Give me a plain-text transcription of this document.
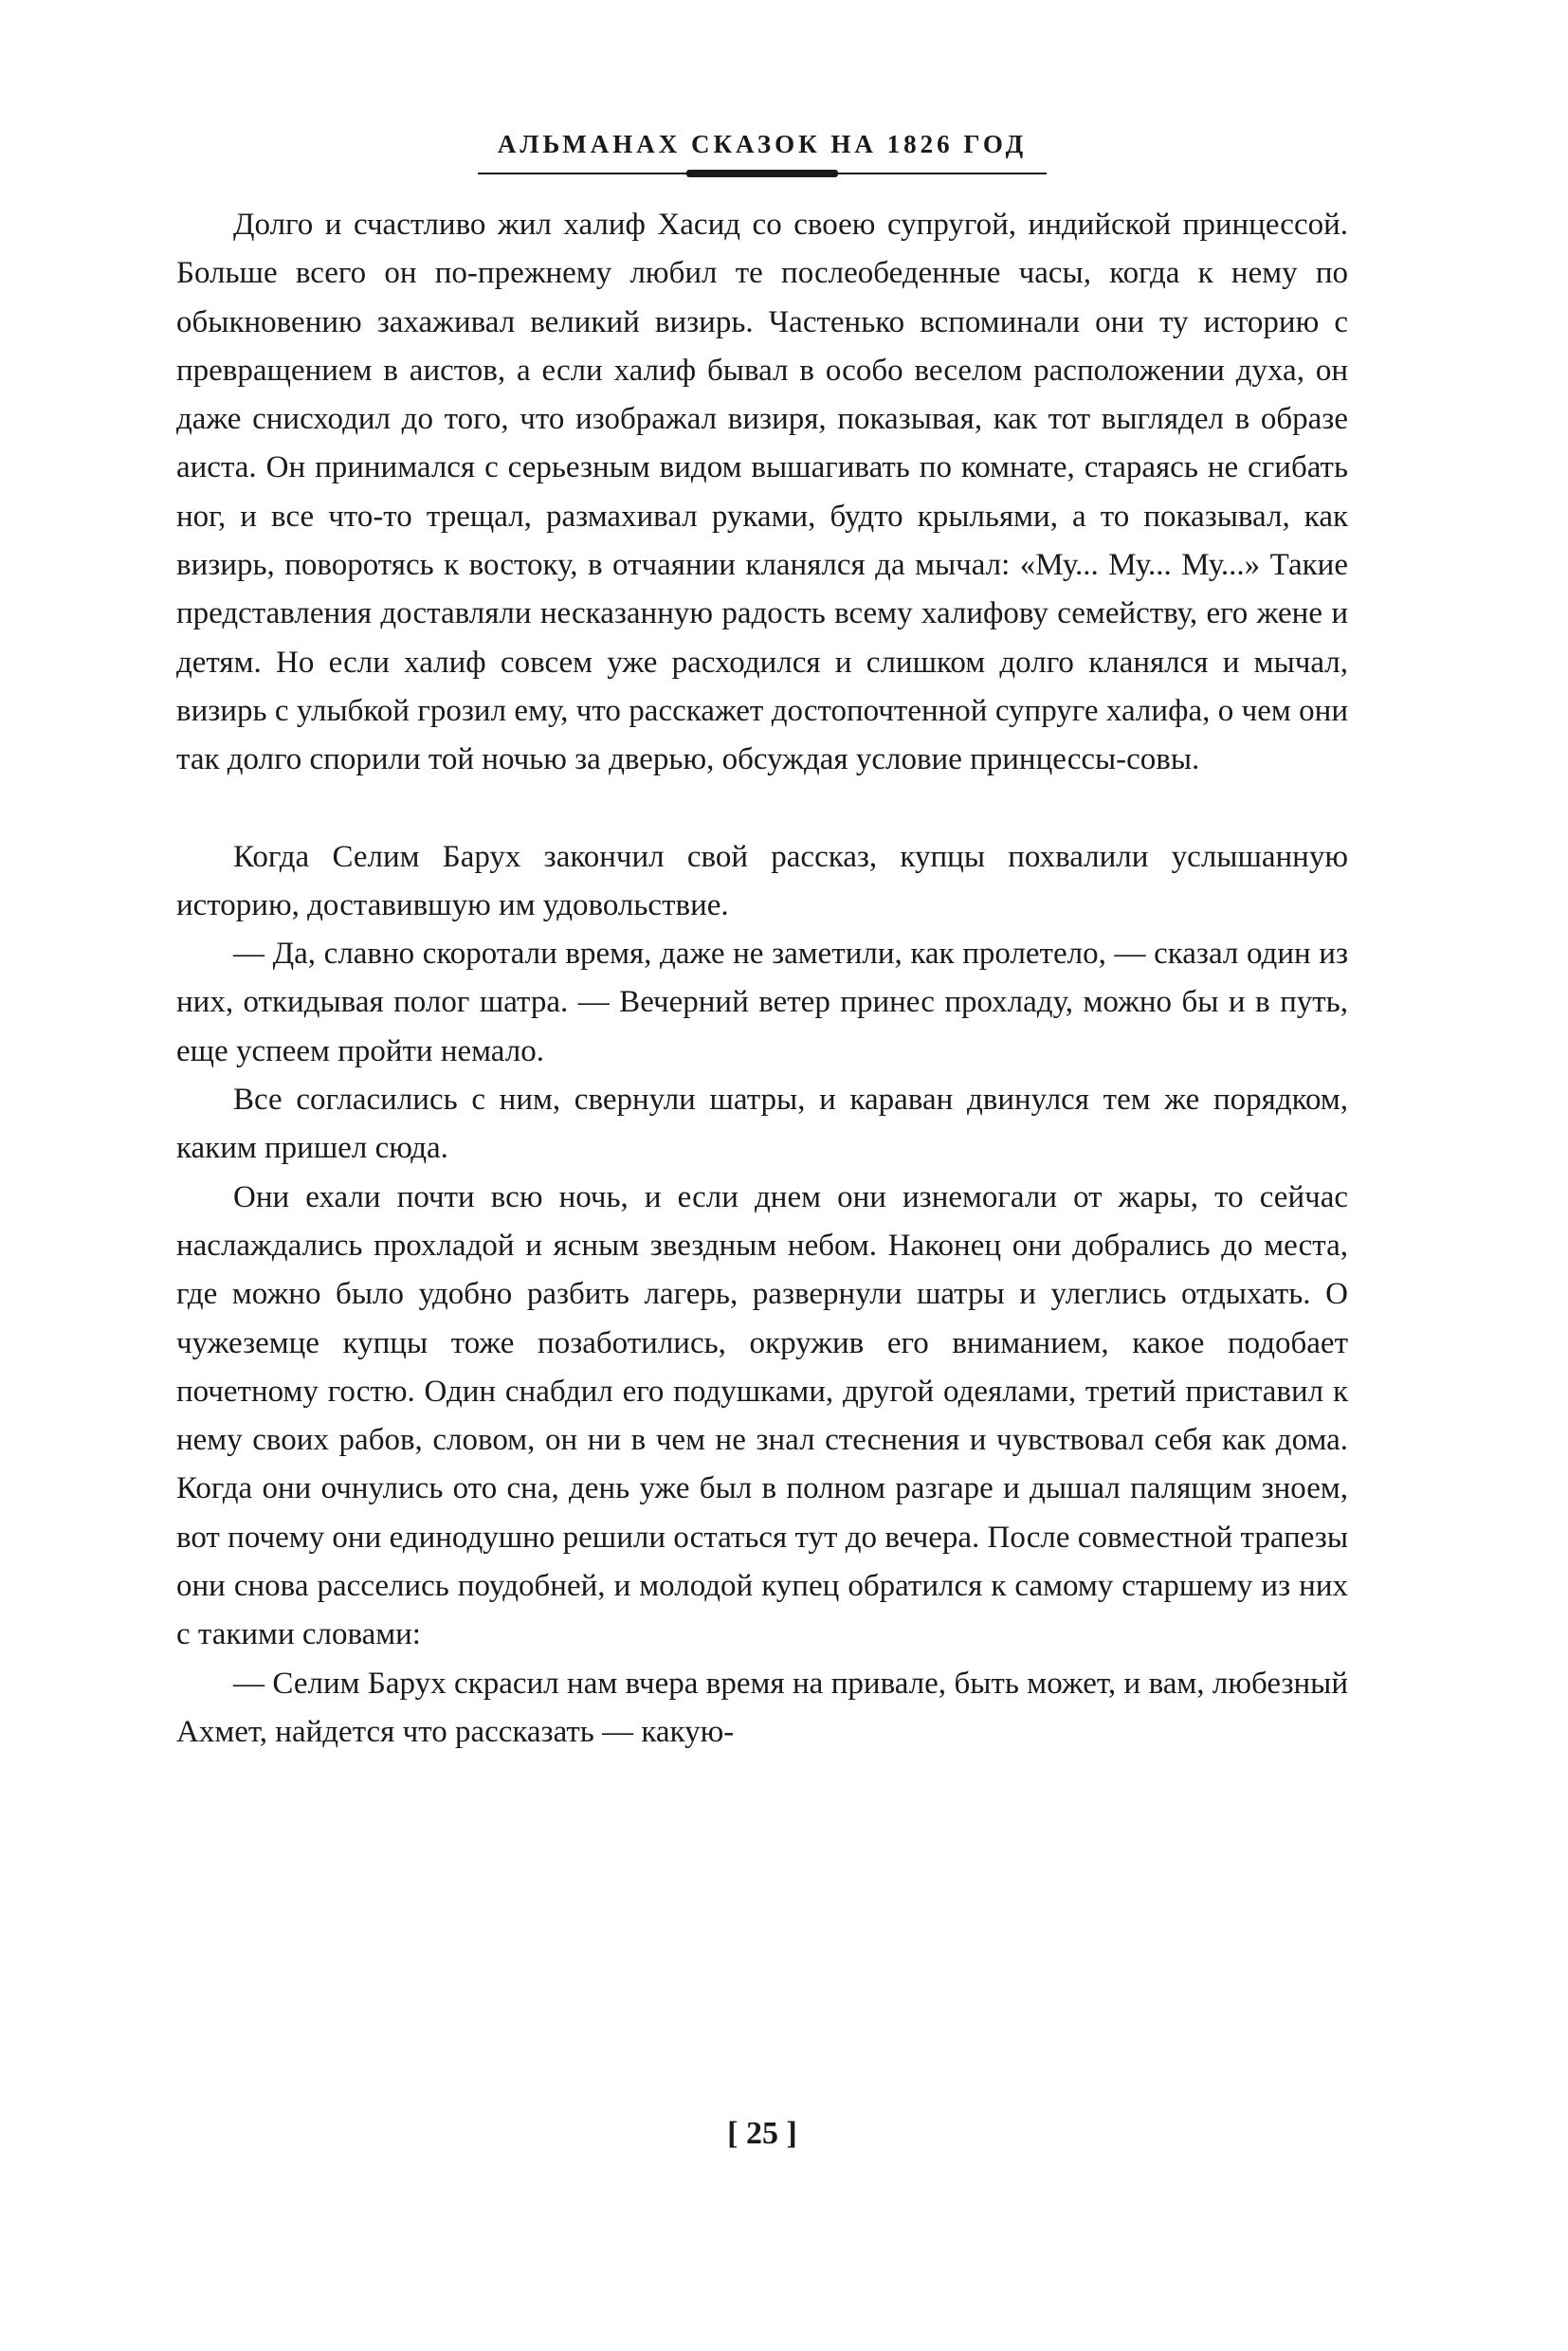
АЛЬМАНАХ СКАЗОК НА 1826 ГОД

Долго и счастливо жил халиф Хасид со своею супругой, индийской принцессой. Больше всего он по-прежнему любил те послеобеденные часы, когда к нему по обыкновению захаживал великий визирь. Частенько вспоминали они ту историю с превращением в аистов, а если халиф бывал в особо веселом расположении духа, он даже снисходил до того, что изображал визиря, показывая, как тот выглядел в образе аиста. Он принимался с серьезным видом вышагивать по комнате, стараясь не сгибать ног, и все что-то трещал, размахивал руками, будто крыльями, а то показывал, как визирь, поворотясь к востоку, в отчаянии кланялся да мычал: «Му... Му... Му...» Такие представления доставляли несказанную радость всему халифову семейству, его жене и детям. Но если халиф совсем уже расходился и слишком долго кланялся и мычал, визирь с улыбкой грозил ему, что расскажет достопочтенной супруге халифа, о чем они так долго спорили той ночью за дверью, обсуждая условие принцессы-совы.

Когда Селим Барух закончил свой рассказ, купцы похвалили услышанную историю, доставившую им удовольствие.

— Да, славно скоротали время, даже не заметили, как пролетело, — сказал один из них, откидывая полог шатра. — Вечерний ветер принес прохладу, можно бы и в путь, еще успеем пройти немало.

Все согласились с ним, свернули шатры, и караван двинулся тем же порядком, каким пришел сюда.

Они ехали почти всю ночь, и если днем они изнемогали от жары, то сейчас наслаждались прохладой и ясным звездным небом. Наконец они добрались до места, где можно было удобно разбить лагерь, развернули шатры и улеглись отдыхать. О чужеземце купцы тоже позаботились, окружив его вниманием, какое подобает почетному гостю. Один снабдил его подушками, другой одеялами, третий приставил к нему своих рабов, словом, он ни в чем не знал стеснения и чувствовал себя как дома. Когда они очнулись ото сна, день уже был в полном разгаре и дышал палящим зноем, вот почему они единодушно решили остаться тут до вечера. После совместной трапезы они снова расселись поудобней, и молодой купец обратился к самому старшему из них с такими словами:

— Селим Барух скрасил нам вчера время на привале, быть может, и вам, любезный Ахмет, найдется что рассказать — какую-

[ 25 ]
